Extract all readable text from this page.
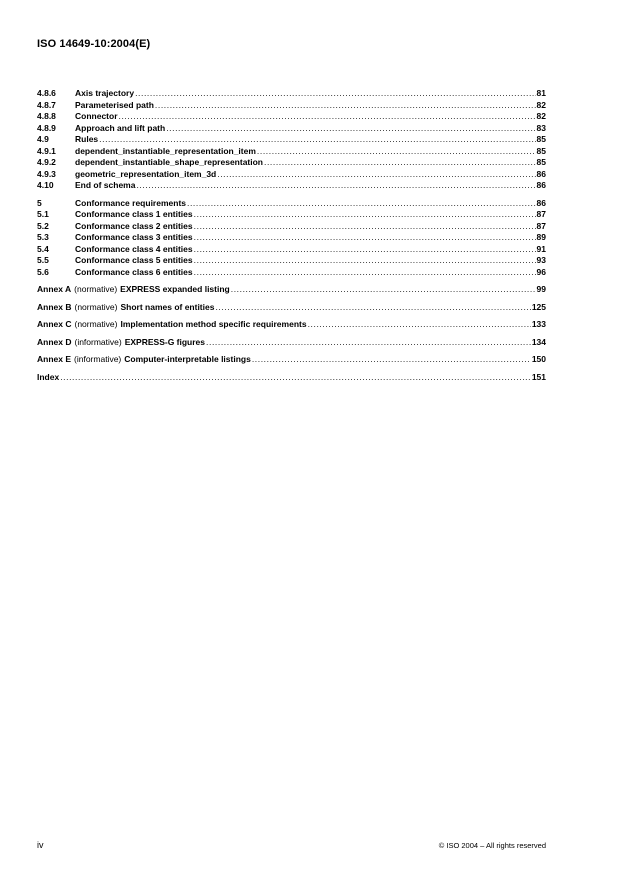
ISO 14649-10:2004(E)
4.8.6	Axis trajectory .....	81
4.8.7	Parameterised path .....	82
4.8.8	Connector .....	82
4.8.9	Approach and lift path .....	83
4.9	Rules .....	85
4.9.1	dependent_instantiable_representation_item .....	85
4.9.2	dependent_instantiable_shape_representation .....	85
4.9.3	geometric_representation_item_3d .....	86
4.10	End of schema .....	86
5	Conformance requirements .....	86
5.1	Conformance class 1 entities .....	87
5.2	Conformance class 2 entities .....	87
5.3	Conformance class 3 entities .....	89
5.4	Conformance class 4 entities .....	91
5.5	Conformance class 5 entities .....	93
5.6	Conformance class 6 entities .....	96
Annex A (normative) EXPRESS expanded listing .....	99
Annex B (normative) Short names of entities .....	125
Annex C (normative) Implementation method specific requirements .....	133
Annex D (informative) EXPRESS-G figures .....	134
Annex E (informative) Computer-interpretable listings .....	150
Index .....	151
iv	© ISO 2004 – All rights reserved
